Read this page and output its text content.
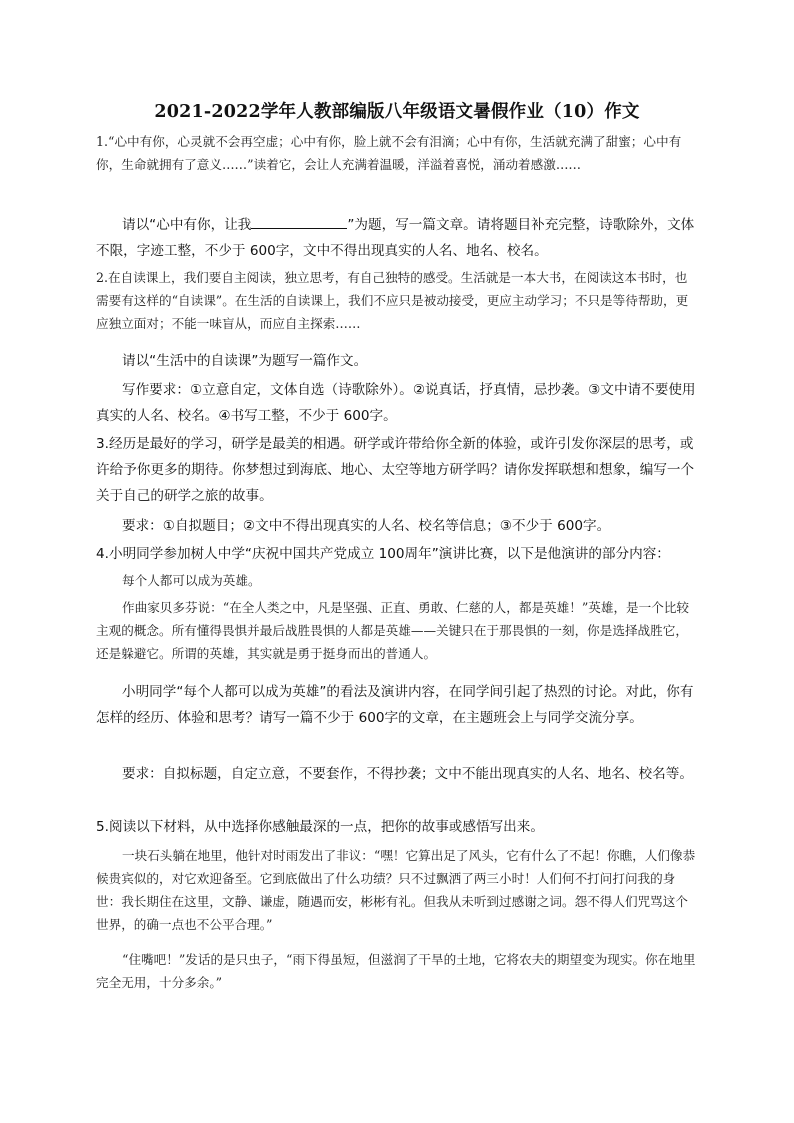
2021-2022学年人教部编版八年级语文暑假作业（10）作文

1.“心中有你，心灵就不会再空虚；心中有你，脸上就不会有泪滴；心中有你，生活就充满了甜蜜；心中有你，生命就拥有了意义……”读着它，会让人充满着温暖，洋溢着喜悦，涌动着感激……

请以“心中有你，让我	”为题，写一篇文章。请将题目补充完整，诗歌除外，文体不限，字迹工整，不少于 600字，文中不得出现真实的人名、地名、校名。

2.在自读课上，我们要自主阅读，独立思考，有自己独特的感受。生活就是一本大书，在阅读这本书时，也需要有这样的“自读课”。在生活的自读课上，我们不应只是被动接受，更应主动学习；不只是等待帮助，更应独立面对；不能一味盲从，而应自主探索……

请以“生活中的自读课”为题写一篇作文。

写作要求：①立意自定，文体自选（诗歌除外）。②说真话，抒真情，忌抄袭。③文中请不要使用真实的人名、校名。④书写工整，不少于 600字。

3.经历是最好的学习，研学是最美的相遇。研学或许带给你全新的体验，或许引发你深层的思考，或许给予你更多的期待。你梦想过到海底、地心、太空等地方研学吗？请你发挥联想和想象，编写一个关于自己的研学之旅的故事。

要求：①自拟题目；②文中不得出现真实的人名、校名等信息；③不少于 600字。

4.小明同学参加树人中学“庆祝中国共产党成立 100周年”演讲比赛，以下是他演讲的部分内容：

每个人都可以成为英雄。

作曲家贝多芬说：“在全人类之中，凡是坚强、正直、勇敢、仁慈的人，都是英雄！”英雄，是一个比较主观的概念。所有懂得畏惧并最后战胜畏惧的人都是英雄——关键只在于那畏惧的一刻，你是选择战胜它，还是躲避它。所谓的英雄，其实就是勇于挺身而出的普通人。

小明同学“每个人都可以成为英雄”的看法及演讲内容，在同学间引起了热烈的讨论。对此，你有怎样的经历、体验和思考？请写一篇不少于 600字的文章，在主题班会上与同学交流分享。

要求：自拟标题，自定立意，不要套作，不得抄袭；文中不能出现真实的人名、地名、校名等。

5.阅读以下材料，从中选择你感触最深的一点，把你的故事或感悟写出来。

一块石头躺在地里，他针对时雨发出了非议：“嘿！它算出足了风头，它有什么了不起！你瞧，人们像恭候贵宾似的，对它欢迎备至。它到底做出了什么功绩？只不过飘洒了两三小时！人们何不打问打问我的身世：我长期住在这里，文静、谦虚，随遇而安，彬彬有礼。但我从未听到过感谢之词。怨不得人们咒骂这个世界，的确一点也不公平合理。”

“住嘴吧！”发话的是只虫子，“雨下得虽短，但滋润了干旱的土地，它将农夫的期望变为现实。你在地里完全无用，十分多余。”
